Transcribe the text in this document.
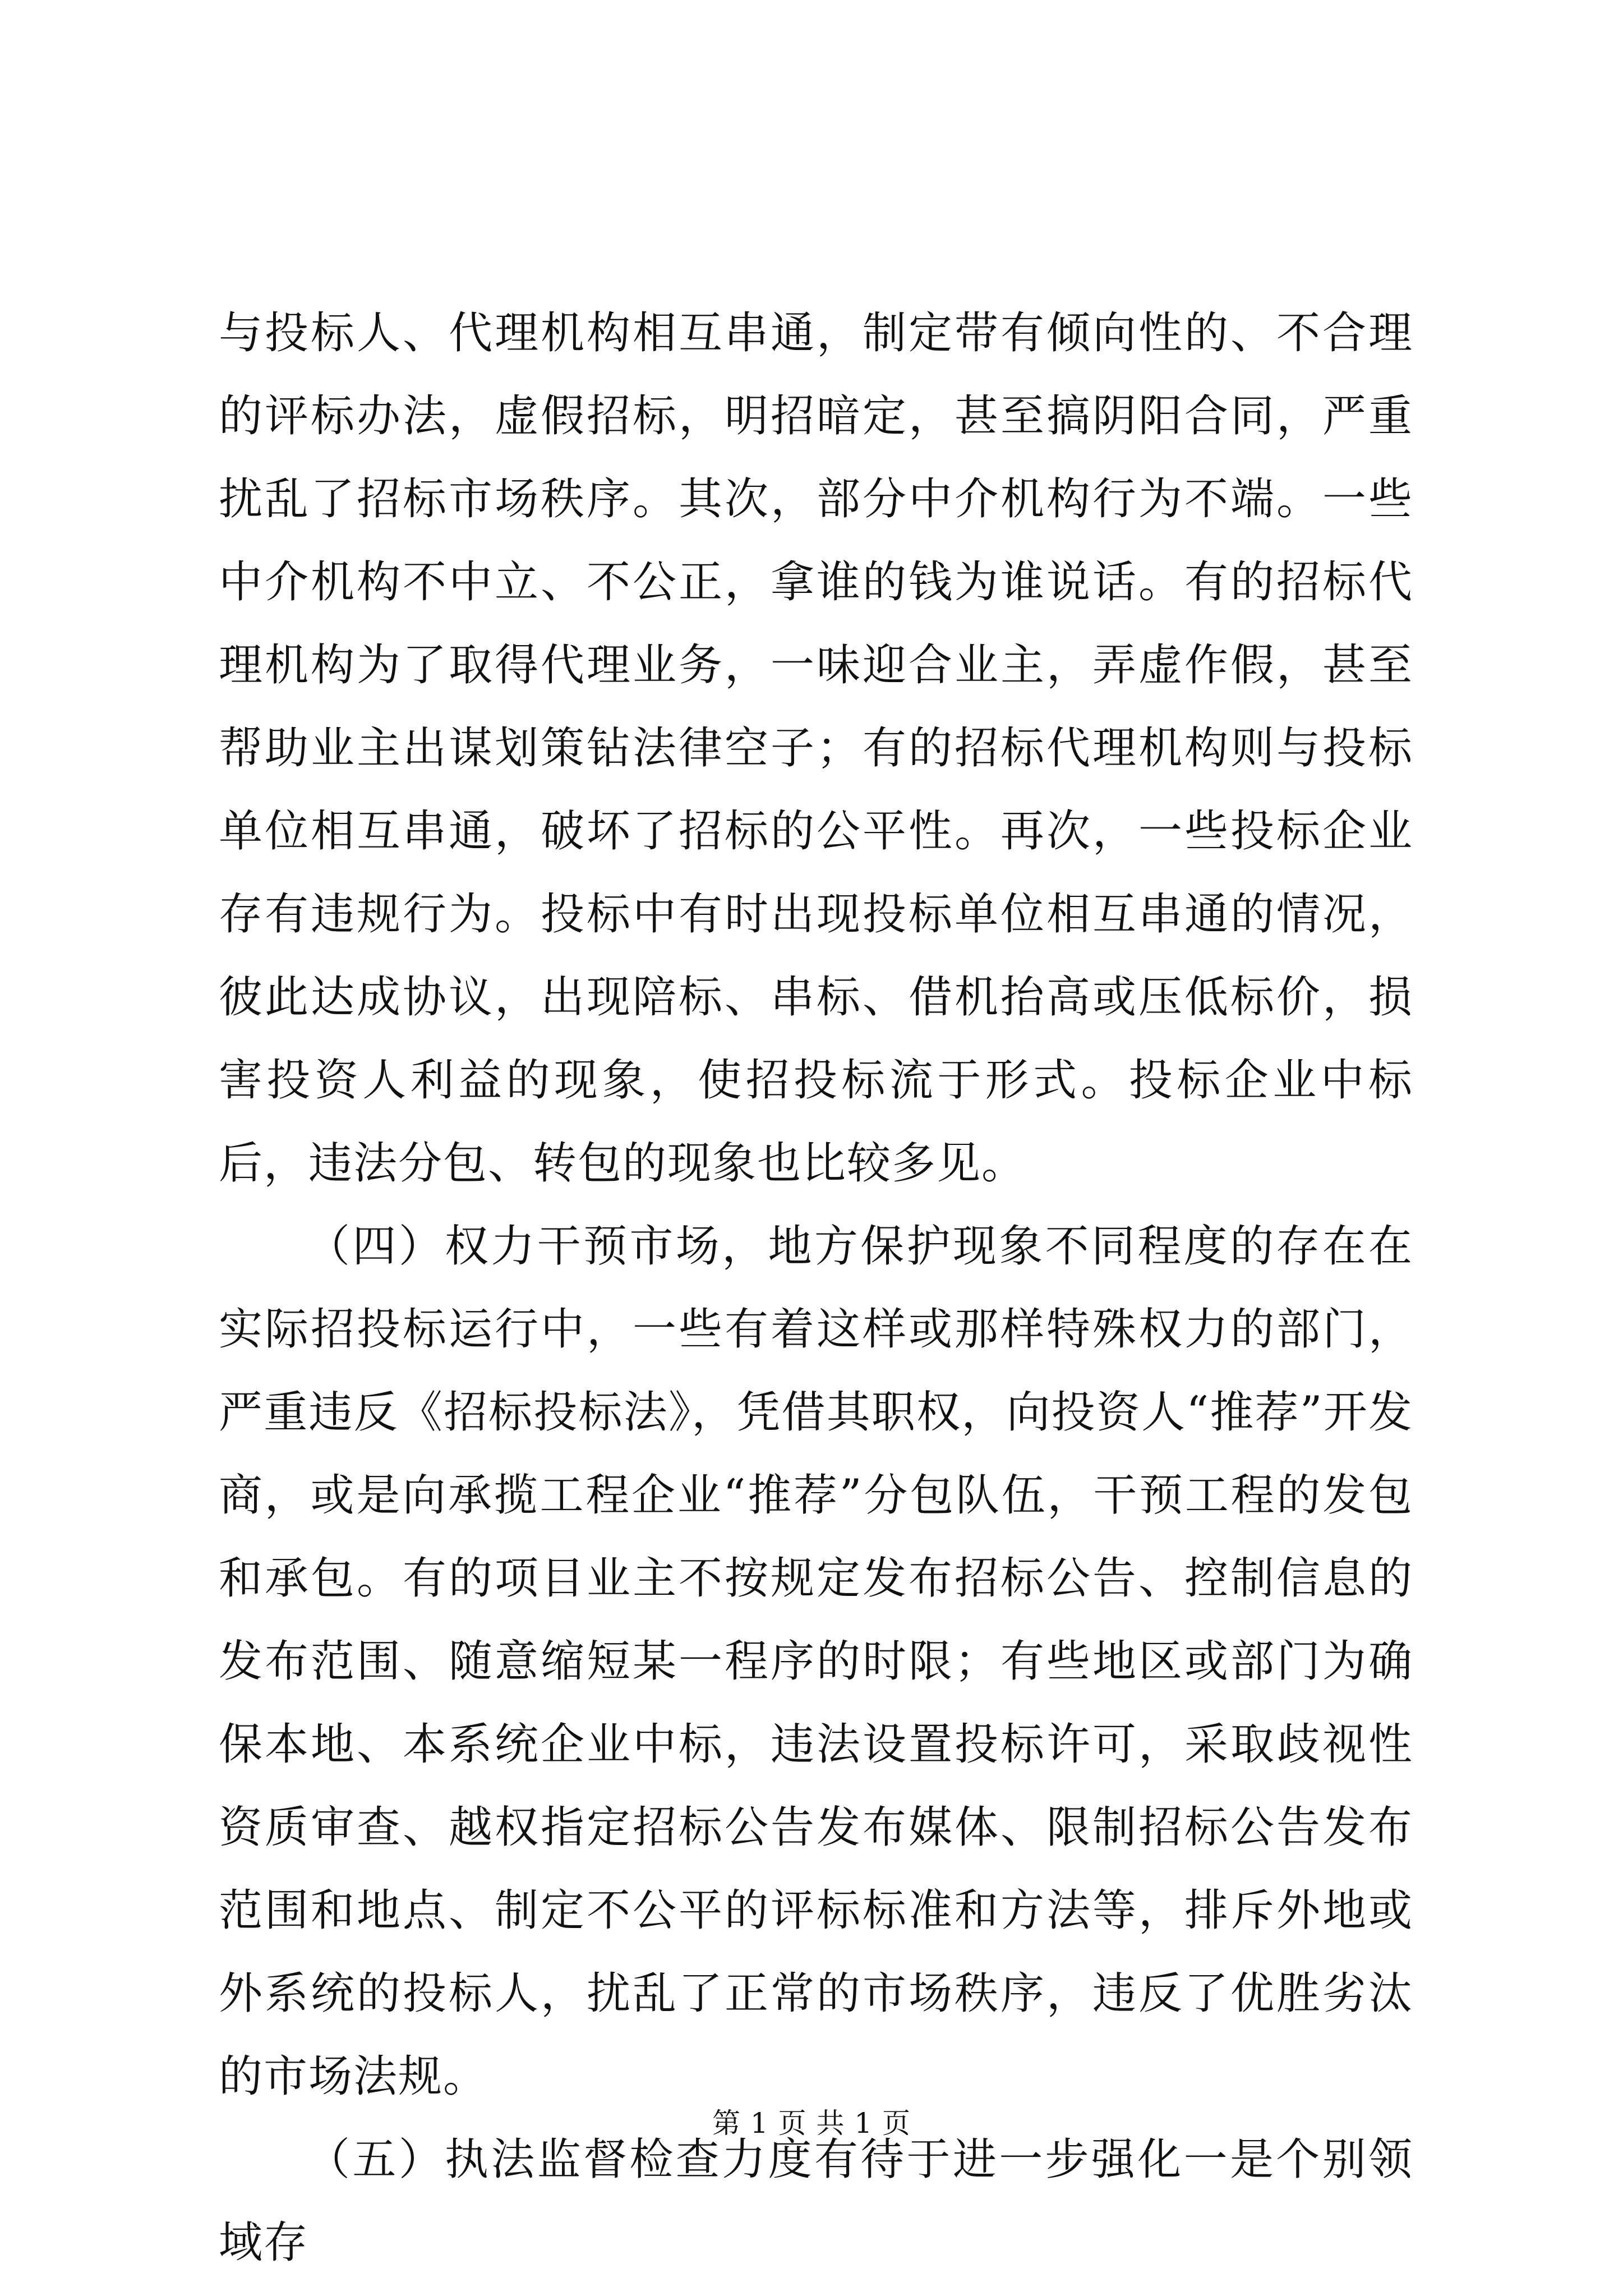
与投标人、代理机构相互串通，制定带有倾向性的、不合理的评标办法，虚假招标，明招暗定，甚至搞阴阳合同，严重扰乱了招标市场秩序。其次，部分中介机构行为不端。一些中介机构不中立、不公正，拿谁的钱为谁说话。有的招标代理机构为了取得代理业务，一味迎合业主，弄虚作假，甚至帮助业主出谋划策钻法律空子；有的招标代理机构则与投标单位相互串通，破坏了招标的公平性。再次，一些投标企业存有违规行为。投标中有时出现投标单位相互串通的情况，彼此达成协议，出现陪标、串标、借机抬高或压低标价，损害投资人利益的现象，使招投标流于形式。投标企业中标后，违法分包、转包的现象也比较多见。

（四）权力干预市场，地方保护现象不同程度的存在在实际招投标运行中，一些有着这样或那样特殊权力的部门，严重违反《招标投标法》，凭借其职权，向投资人“推荐”开发商，或是向承揽工程企业“推荐”分包队伍，干预工程的发包和承包。有的项目业主不按规定发布招标公告、控制信息的发布范围、随意缩短某一程序的时限；有些地区或部门为确保本地、本系统企业中标，违法设置投标许可，采取歧视性资质审查、越权指定招标公告发布媒体、限制招标公告发布范围和地点、制定不公平的评标标准和方法等，排斥外地或外系统的投标人，扰乱了正常的市场秩序，违反了优胜劣汰的市场法规。

（五）执法监督检查力度有待于进一步强化一是个别领域存

第 1 页 共 1 页
